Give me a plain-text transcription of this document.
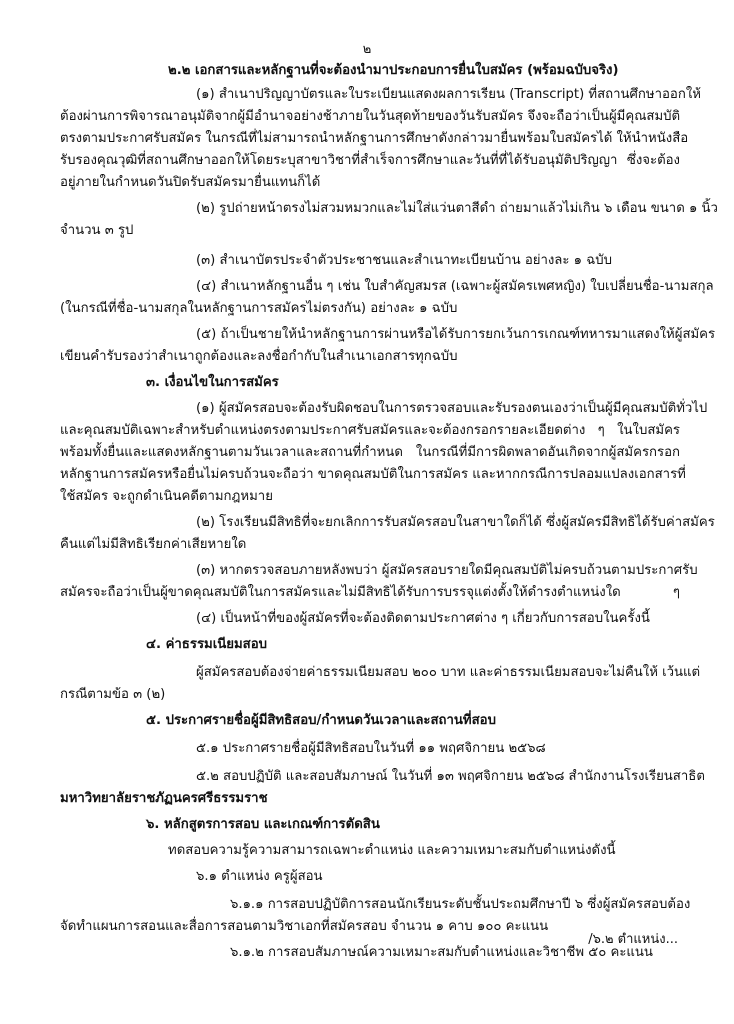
๒
๒.๒ เอกสารและหลักฐานที่จะต้องนำมาประกอบการยื่นใบสมัคร (พร้อมฉบับจริง)
(๑) สำเนาปริญญาบัตรและใบระเบียนแสดงผลการเรียน (Transcript) ที่สถานศึกษาออกให้
ต้องผ่านการพิจารณาอนุมัติจากผู้มีอำนาจอย่างช้าภายในวันสุดท้ายของวันรับสมัคร จึงจะถือว่าเป็นผู้มีคุณสมบัติ
ตรงตามประกาศรับสมัคร ในกรณีที่ไม่สามารถนำหลักฐานการศึกษาดังกล่าวมายื่นพร้อมใบสมัครได้ ให้นำหนังสือ
รับรองคุณวุฒิที่สถานศึกษาออกให้โดยระบุสาขาวิชาที่สำเร็จการศึกษาและวันที่ที่ได้รับอนุมัติปริญญา ซึ่งจะต้อง
อยู่ภายในกำหนดวันปิดรับสมัครมายื่นแทนก็ได้
(๒) รูปถ่ายหน้าตรงไม่สวมหมวกและไม่ใส่แว่นตาสีดำ ถ่ายมาแล้วไม่เกิน ๖ เดือน ขนาด ๑ นิ้ว
จำนวน ๓ รูป
(๓) สำเนาบัตรประจำตัวประชาชนและสำเนาทะเบียนบ้าน อย่างละ ๑ ฉบับ
(๔) สำเนาหลักฐานอื่น ๆ เช่น ใบสำคัญสมรส (เฉพาะผู้สมัครเพศหญิง) ใบเปลี่ยนชื่อ-นามสกุล
(ในกรณีที่ชื่อ-นามสกุลในหลักฐานการสมัครไม่ตรงกัน) อย่างละ ๑ ฉบับ
(๕) ถ้าเป็นชายให้นำหลักฐานการผ่านหรือได้รับการยกเว้นการเกณฑ์ทหารมาแสดงให้ผู้สมัคร
เขียนคำรับรองว่าสำเนาถูกต้องและลงชื่อกำกับในสำเนาเอกสารทุกฉบับ
๓. เงื่อนไขในการสมัคร
(๑) ผู้สมัครสอบจะต้องรับผิดชอบในการตรวจสอบและรับรองตนเองว่าเป็นผู้มีคุณสมบัติทั่วไป
และคุณสมบัติเฉพาะสำหรับตำแหน่งตรงตามประกาศรับสมัครและจะต้องกรอกรายละเอียดต่าง ๆ ในใบสมัคร
พร้อมทั้งยื่นและแสดงหลักฐานตามวันเวลาและสถานที่กำหนด ในกรณีที่มีการผิดพลาดอันเกิดจากผู้สมัครกรอก
หลักฐานการสมัครหรือยื่นไม่ครบถ้วนจะถือว่า ขาดคุณสมบัติในการสมัคร และหากกรณีการปลอมแปลงเอกสารที่
ใช้สมัคร จะถูกดำเนินคดีตามกฎหมาย
(๒) โรงเรียนมีสิทธิที่จะยกเลิกการรับสมัครสอบในสาขาใดก็ได้ ซึ่งผู้สมัครมีสิทธิได้รับค่าสมัคร
คืนแต่ไม่มีสิทธิเรียกค่าเสียหายใด
(๓) หากตรวจสอบภายหลังพบว่า ผู้สมัครสอบรายใดมีคุณสมบัติไม่ครบถ้วนตามประกาศรับ
สมัครจะถือว่าเป็นผู้ขาดคุณสมบัติในการสมัครและไม่มีสิทธิได้รับการบรรจุแต่งตั้งให้ดำรงตำแหน่งใด ๆ
(๔) เป็นหน้าที่ของผู้สมัครที่จะต้องติดตามประกาศต่าง ๆ เกี่ยวกับการสอบในครั้งนี้
๔. ค่าธรรมเนียมสอบ
ผู้สมัครสอบต้องจ่ายค่าธรรมเนียมสอบ ๒๐๐ บาท และค่าธรรมเนียมสอบจะไม่คืนให้ เว้นแต่
กรณีตามข้อ ๓ (๒)
๕. ประกาศรายชื่อผู้มีสิทธิสอบ/กำหนดวันเวลาและสถานที่สอบ
๕.๑ ประกาศรายชื่อผู้มีสิทธิสอบในวันที่ ๑๑ พฤศจิกายน ๒๕๖๘
๕.๒ สอบปฏิบัติ และสอบสัมภาษณ์ ในวันที่ ๑๓ พฤศจิกายน ๒๕๖๘ สำนักงานโรงเรียนสาธิต
มหาวิทยาลัยราชภัฏนครศรีธรรมราช
๖. หลักสูตรการสอบ และเกณฑ์การตัดสิน
ทดสอบความรู้ความสามารถเฉพาะตำแหน่ง และความเหมาะสมกับตำแหน่งดังนี้
๖.๑ ตำแหน่ง ครูผู้สอน
๖.๑.๑ การสอบปฏิบัติการสอนนักเรียนระดับชั้นประถมศึกษาปี ๖ ซึ่งผู้สมัครสอบต้อง
จัดทำแผนการสอนและสื่อการสอนตามวิชาเอกที่สมัครสอบ จำนวน ๑ คาบ ๑๐๐ คะแนน
๖.๑.๒ การสอบสัมภาษณ์ความเหมาะสมกับตำแหน่งและวิชาชีพ ๕๐ คะแนน
/๖.๒ ตำแหน่ง...
